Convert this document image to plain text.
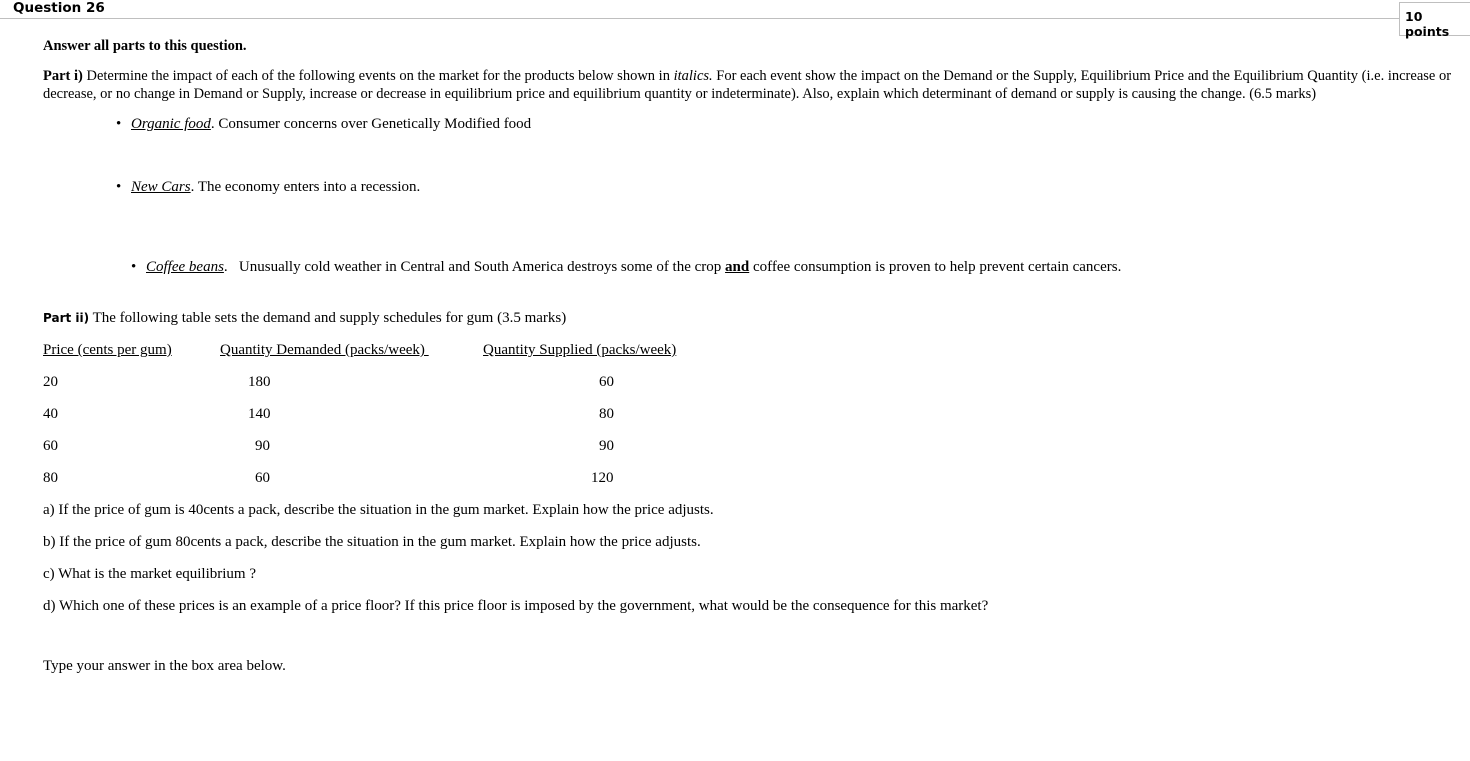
Question 26
10 points
Answer all parts to this question.
Part i) Determine the impact of each of the following events on the market for the products below shown in italics. For each event show the impact on the Demand or the Supply, Equilibrium Price and the Equilibrium Quantity (i.e. increase or decrease, or no change in Demand or Supply, increase or decrease in equilibrium price and equilibrium quantity or indeterminate). Also, explain which determinant of demand or supply is causing the change. (6.5 marks)
• Organic food. Consumer concerns over Genetically Modified food
• New Cars. The economy enters into a recession.

• Coffee beans.   Unusually cold weather in Central and South America destroys some of the crop and coffee consumption is proven to help prevent certain cancers.

Part ii) The following table sets the demand and supply schedules for gum (3.5 marks)
Price (cents per gum)	Quantity Demanded (packs/week)	Quantity Supplied (packs/week)
20	180	60
40	140	80
60	90	90
80	60	120
a) If the price of gum is 40cents a pack, describe the situation in the gum market. Explain how the price adjusts.
b) If the price of gum 80cents a pack, describe the situation in the gum market. Explain how the price adjusts.
c) What is the market equilibrium ?
d) Which one of these prices is an example of a price floor? If this price floor is imposed by the government, what would be the consequence for this market?
Type your answer in the box area below.
